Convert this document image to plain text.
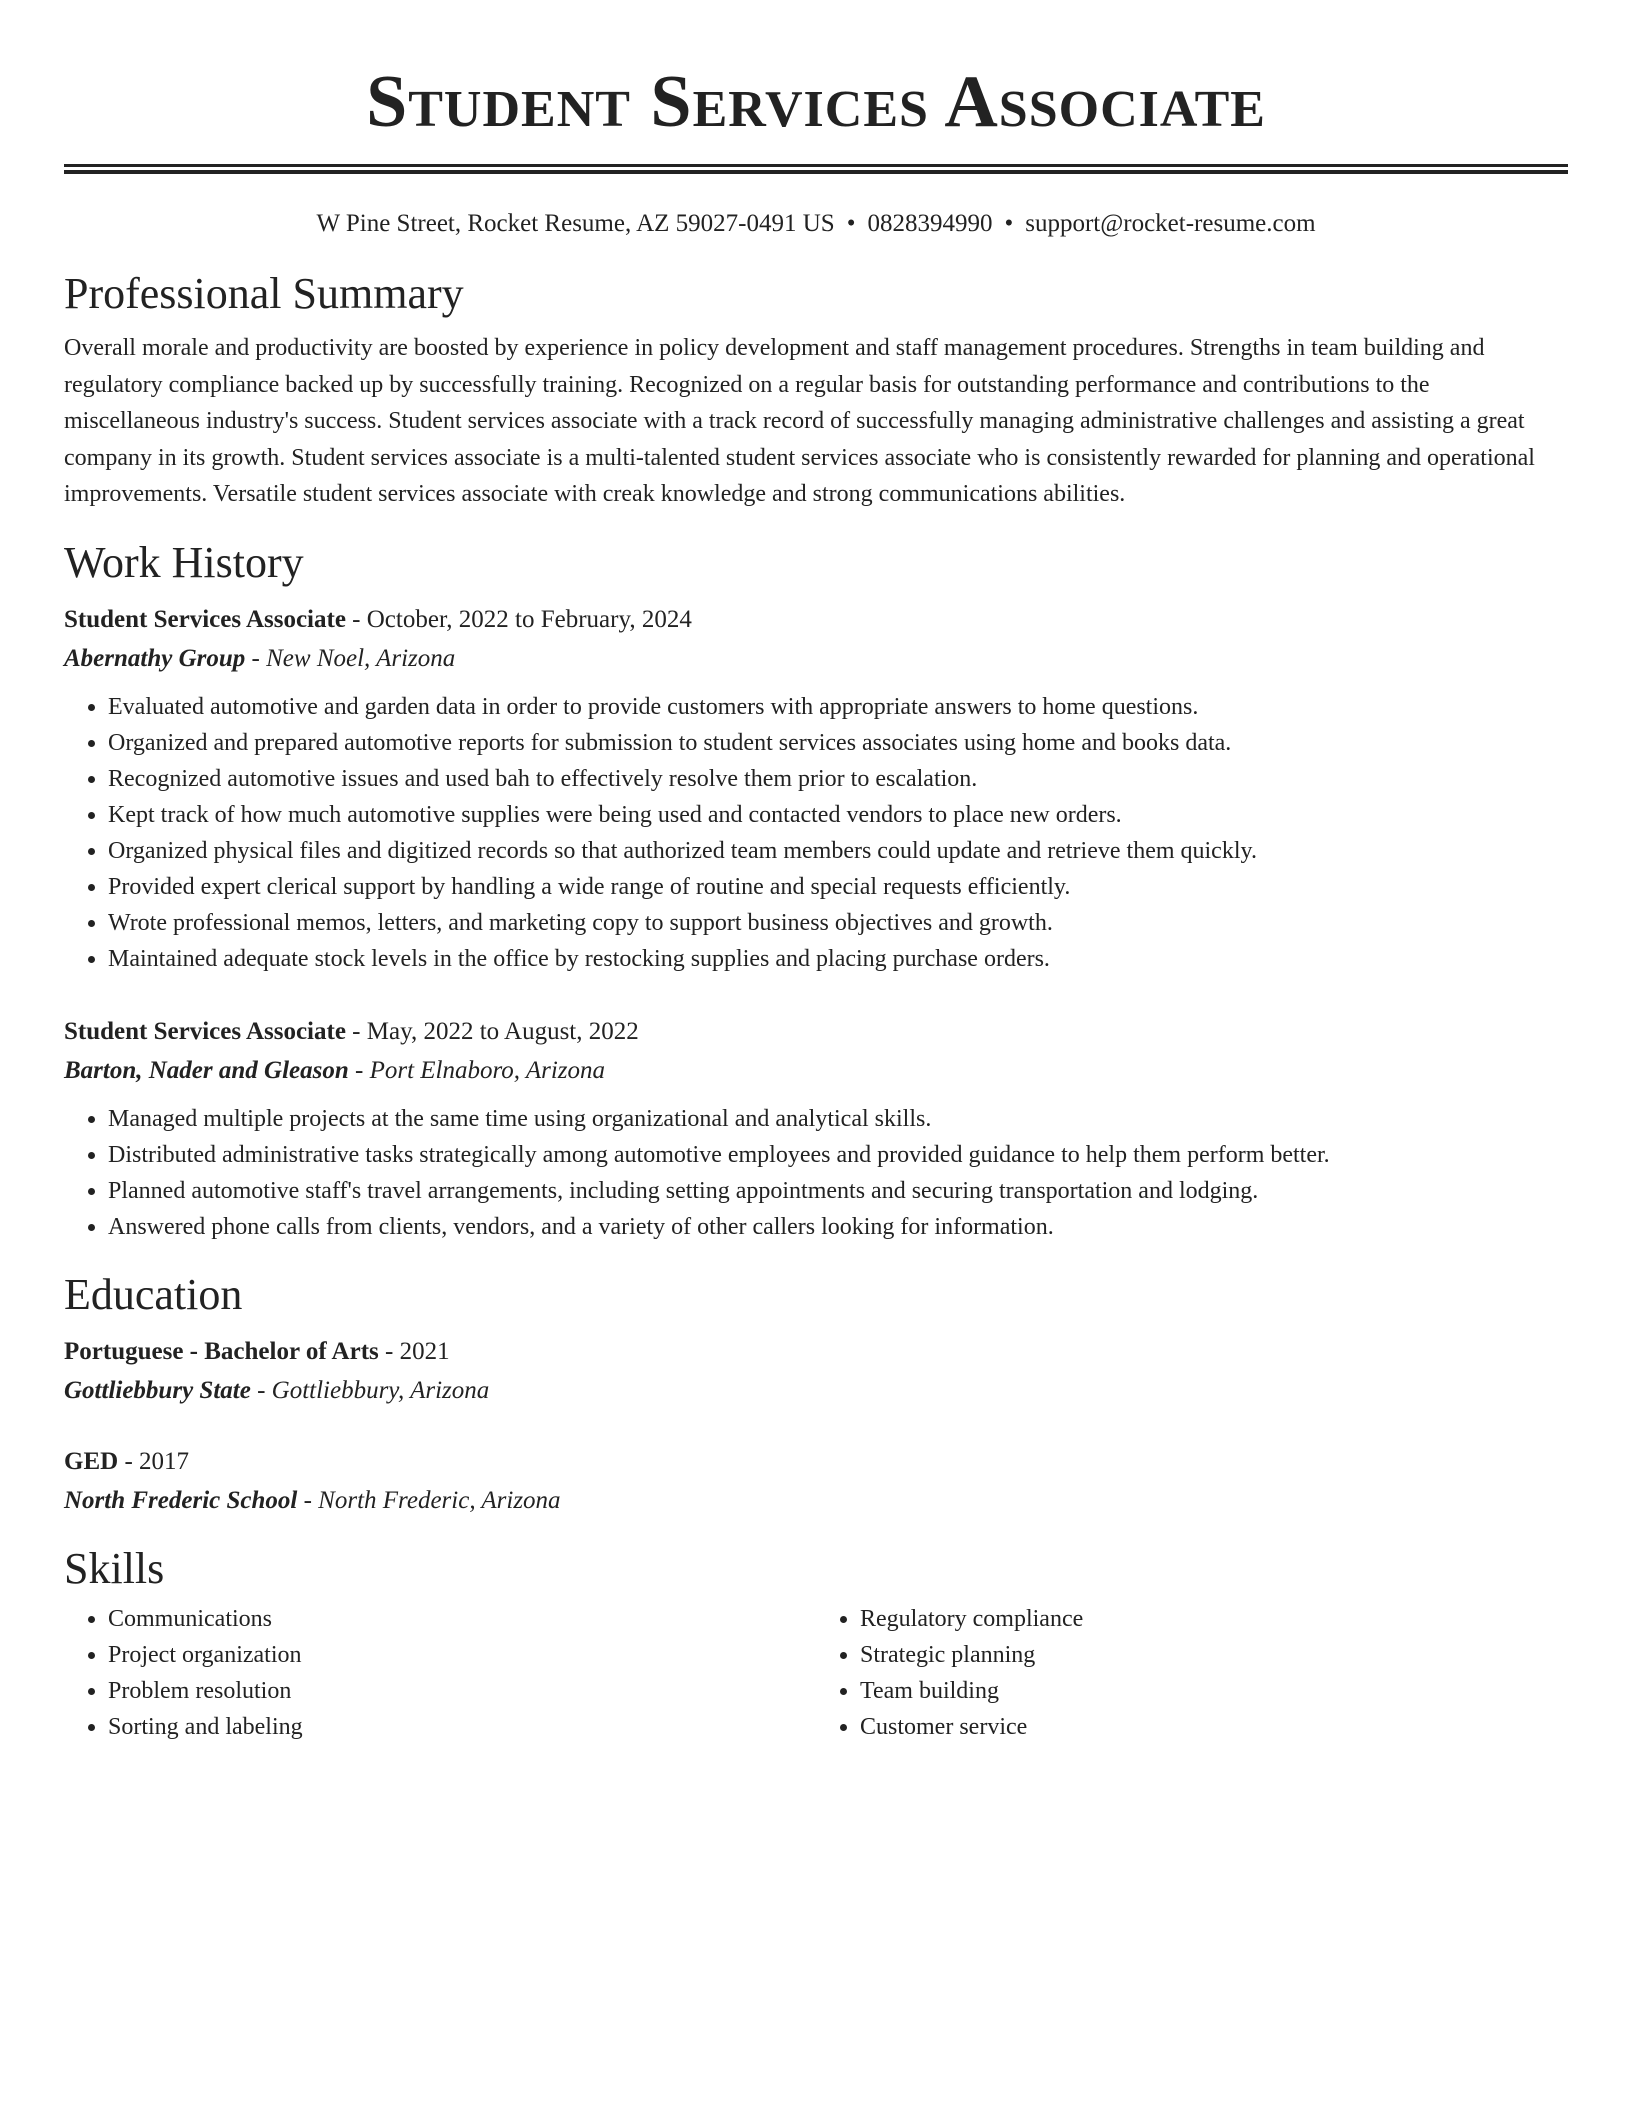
Student Services Associate
W Pine Street, Rocket Resume, AZ 59027-0491 US • 0828394990 • support@rocket-resume.com
Professional Summary

Overall morale and productivity are boosted by experience in policy development and staff management procedures. Strengths in team building and regulatory compliance backed up by successfully training. Recognized on a regular basis for outstanding performance and contributions to the miscellaneous industry's success. Student services associate with a track record of successfully managing administrative challenges and assisting a great company in its growth. Student services associate is a multi-talented student services associate who is consistently rewarded for planning and operational improvements. Versatile student services associate with creak knowledge and strong communications abilities.

Work History
Student Services Associate - October, 2022 to February, 2024
Abernathy Group - New Noel, Arizona
• Evaluated automotive and garden data in order to provide customers with appropriate answers to home questions.
• Organized and prepared automotive reports for submission to student services associates using home and books data.
• Recognized automotive issues and used bah to effectively resolve them prior to escalation.
• Kept track of how much automotive supplies were being used and contacted vendors to place new orders.
• Organized physical files and digitized records so that authorized team members could update and retrieve them quickly.
• Provided expert clerical support by handling a wide range of routine and special requests efficiently.
• Wrote professional memos, letters, and marketing copy to support business objectives and growth.
• Maintained adequate stock levels in the office by restocking supplies and placing purchase orders.
Student Services Associate - May, 2022 to August, 2022
Barton, Nader and Gleason - Port Elnaboro, Arizona
• Managed multiple projects at the same time using organizational and analytical skills.
• Distributed administrative tasks strategically among automotive employees and provided guidance to help them perform better.
• Planned automotive staff's travel arrangements, including setting appointments and securing transportation and lodging.
• Answered phone calls from clients, vendors, and a variety of other callers looking for information.
Education
Portuguese - Bachelor of Arts - 2021
Gottliebbury State - Gottliebbury, Arizona
GED - 2017
North Frederic School - North Frederic, Arizona
Skills
• Communications
• Project organization
• Problem resolution
• Sorting and labeling
• Regulatory compliance
• Strategic planning
• Team building
• Customer service
